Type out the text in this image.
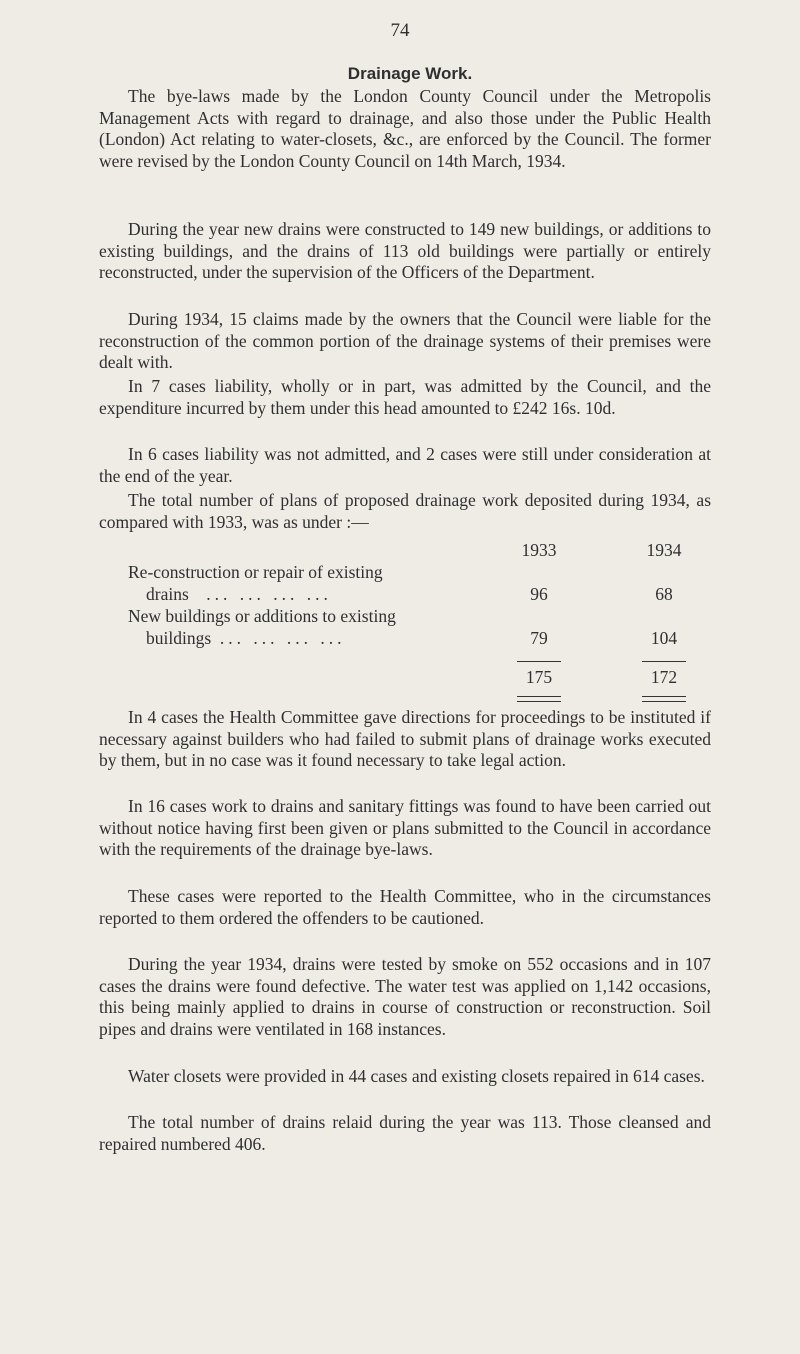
74
Drainage Work.

The bye-laws made by the London County Council under the Metropolis Management Acts with regard to drainage, and also those under the Public Health (London) Act relating to water-closets, &c., are enforced by the Council. The former were revised by the London County Council on 14th March, 1934.

During the year new drains were constructed to 149 new buildings, or additions to existing buildings, and the drains of 113 old buildings were partially or entirely reconstructed, under the supervision of the Officers of the Department.

During 1934, 15 claims made by the owners that the Council were liable for the reconstruction of the common portion of the drainage systems of their premises were dealt with.

In 7 cases liability, wholly or in part, was admitted by the Council, and the expenditure incurred by them under this head amounted to £242 16s. 10d.

In 6 cases liability was not admitted, and 2 cases were still under consideration at the end of the year.

The total number of plans of proposed drainage work deposited during 1934, as compared with 1933, was as under :—

1933	1934
Re-construction or repair of existing
drains ... ... ... ...	96	68
New buildings or additions to existing
buildings ... ... ... ...	79	104
175	172

In 4 cases the Health Committee gave directions for proceedings to be instituted if necessary against builders who had failed to submit plans of drainage works executed by them, but in no case was it found necessary to take legal action.

In 16 cases work to drains and sanitary fittings was found to have been carried out without notice having first been given or plans submitted to the Council in accordance with the requirements of the drainage bye-laws.

These cases were reported to the Health Committee, who in the circumstances reported to them ordered the offenders to be cautioned.

During the year 1934, drains were tested by smoke on 552 occasions and in 107 cases the drains were found defective. The water test was applied on 1,142 occasions, this being mainly applied to drains in course of construction or reconstruction. Soil pipes and drains were ventilated in 168 instances.

Water closets were provided in 44 cases and existing closets repaired in 614 cases.

The total number of drains relaid during the year was 113. Those cleansed and repaired numbered 406.
